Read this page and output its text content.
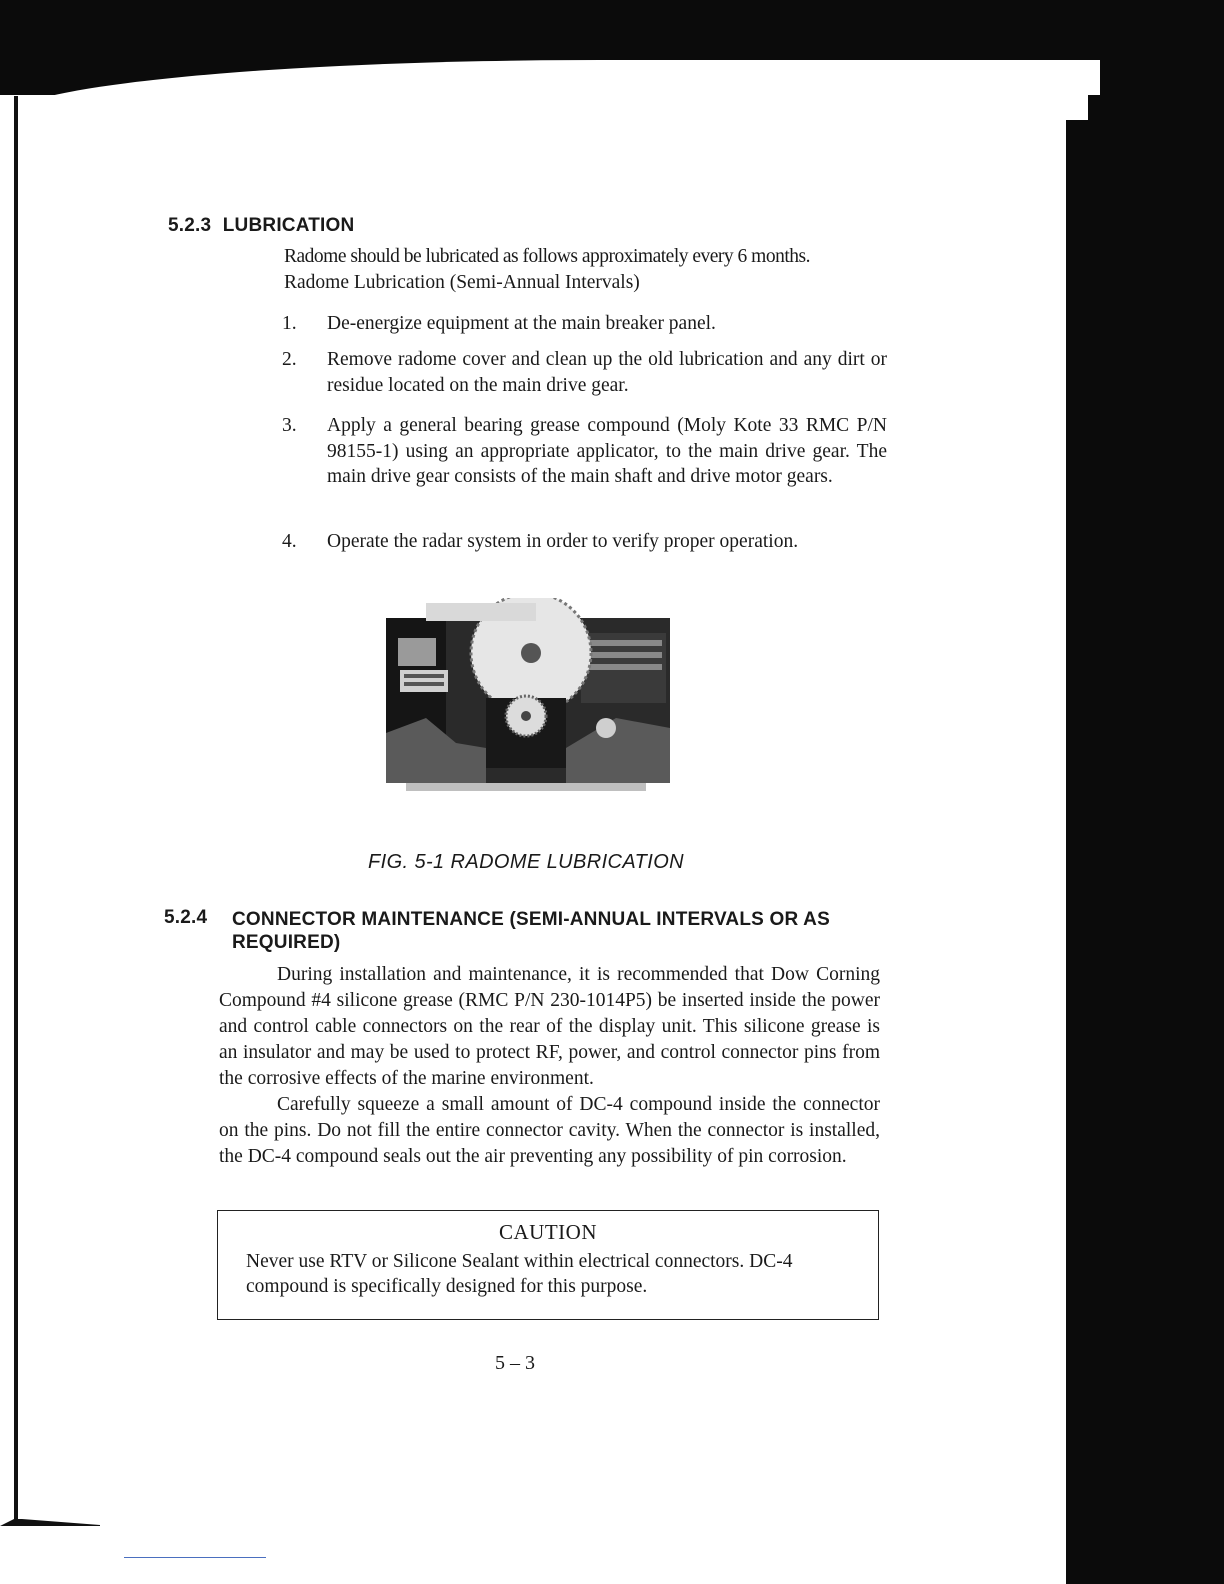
5.2.3 LUBRICATION
Radome should be lubricated as follows approximately every 6 months.
Radome Lubrication (Semi-Annual Intervals)
1. De-energize equipment at the main breaker panel.
2. Remove radome cover and clean up the old lubrication and any dirt or residue located on the main drive gear.
3. Apply a general bearing grease compound (Moly Kote 33 RMC P/N 98155-1) using an appropriate applicator, to the main drive gear. The main drive gear consists of the main shaft and drive motor gears.
4. Operate the radar system in order to verify proper operation.
FIG. 5-1 RADOME LUBRICATION
5.2.4 CONNECTOR MAINTENANCE (SEMI-ANNUAL INTERVALS OR AS
REQUIRED)
During installation and maintenance, it is recommended that Dow Corning Compound #4 silicone grease (RMC P/N 230-1014P5) be inserted inside the power and control cable connectors on the rear of the display unit. This silicone grease is an insulator and may be used to protect RF, power, and control connector pins from the corrosive effects of the marine environment.
Carefully squeeze a small amount of DC-4 compound inside the connector on the pins. Do not fill the entire connector cavity. When the connector is installed, the DC-4 compound seals out the air preventing any possibility of pin corrosion.
CAUTION
Never use RTV or Silicone Sealant within electrical connectors. DC-4 compound is specifically designed for this purpose.
5 – 3
